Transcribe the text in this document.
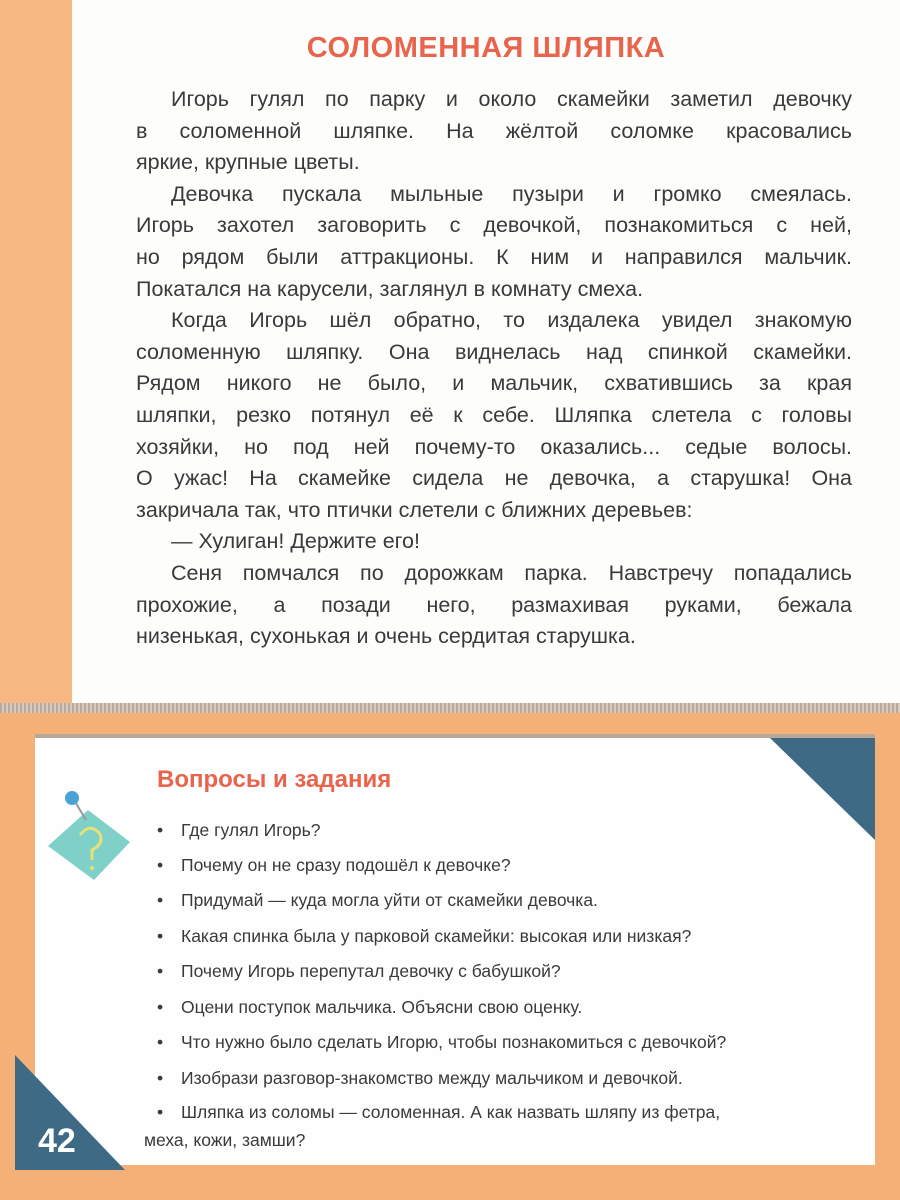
СОЛОМЕННАЯ ШЛЯПКА
Игорь гулял по парку и около скамейки заметил девочку
в соломенной шляпке. На жёлтой соломке красовались
яркие, крупные цветы.
Девочка пускала мыльные пузыри и громко смеялась.
Игорь захотел заговорить с девочкой, познакомиться с ней,
но рядом были аттракционы. К ним и направился мальчик.
Покатался на карусели, заглянул в комнату смеха.
Когда Игорь шёл обратно, то издалека увидел знакомую
соломенную шляпку. Она виднелась над спинкой скамейки.
Рядом никого не было, и мальчик, схватившись за края
шляпки, резко потянул её к себе. Шляпка слетела с головы
хозяйки, но под ней почему-то оказались... седые волосы.
О ужас! На скамейке сидела не девочка, а старушка! Она
закричала так, что птички слетели с ближних деревьев:
— Хулиган! Держите его!
Сеня помчался по дорожкам парка. Навстречу попадались
прохожие, а позади него, размахивая руками, бежала
низенькая, сухонькая и очень сердитая старушка.
42
Вопросы и задания
• Где гулял Игорь?
• Почему он не сразу подошёл к девочке?
• Придумай — куда могла уйти от скамейки девочка.
• Какая спинка была у парковой скамейки: высокая или низкая?
• Почему Игорь перепутал девочку с бабушкой?
• Оцени поступок мальчика. Объясни свою оценку.
• Что нужно было сделать Игорю, чтобы познакомиться с девочкой?
• Изобрази разговор-знакомство между мальчиком и девочкой.
• Шляпка из соломы — соломенная. А как назвать шляпу из фетра,
меха, кожи, замши?
